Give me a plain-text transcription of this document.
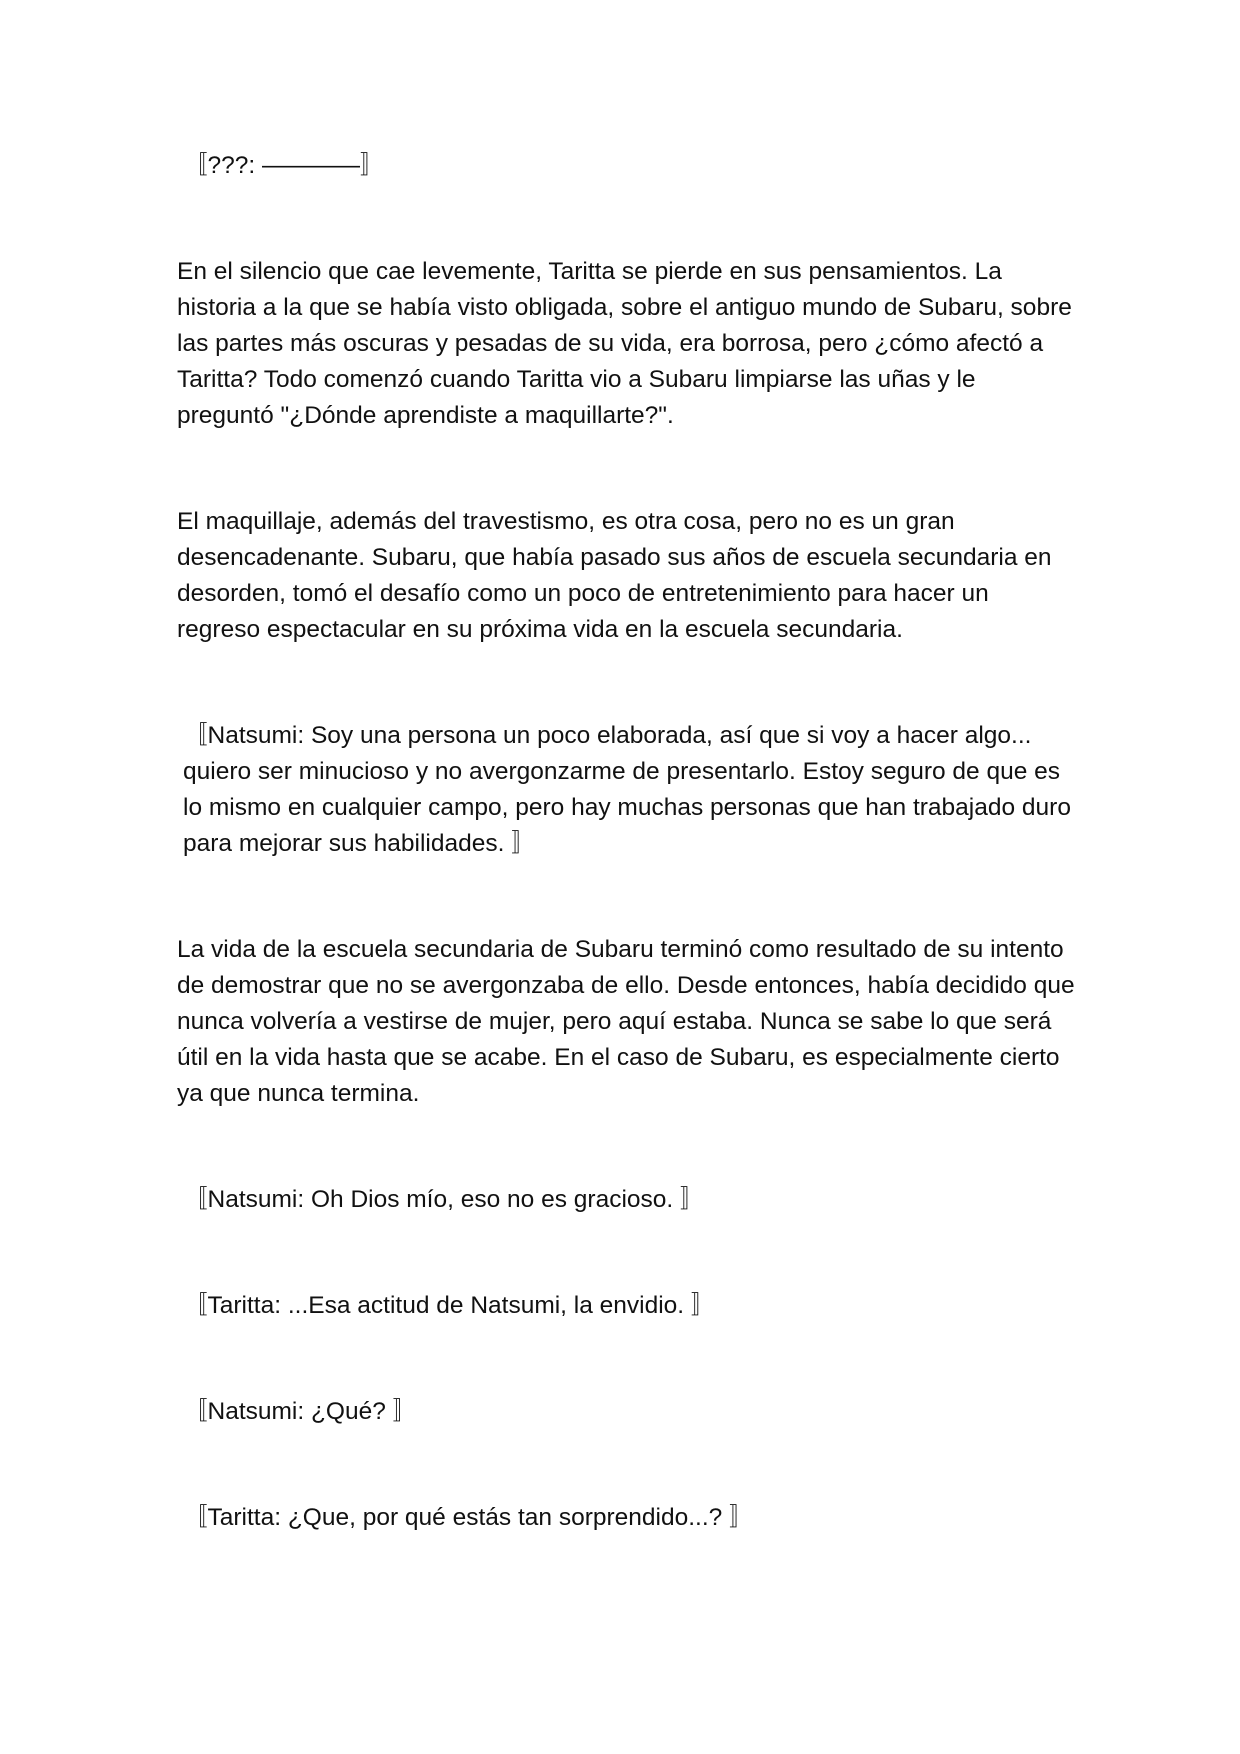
〚???: ————〛

En el silencio que cae levemente, Taritta se pierde en sus pensamientos. La historia a la que se había visto obligada, sobre el antiguo mundo de Subaru, sobre las partes más oscuras y pesadas de su vida, era borrosa, pero ¿cómo afectó a Taritta? Todo comenzó cuando Taritta vio a Subaru limpiarse las uñas y le preguntó "¿Dónde aprendiste a maquillarte?".

El maquillaje, además del travestismo, es otra cosa, pero no es un gran desencadenante. Subaru, que había pasado sus años de escuela secundaria en desorden, tomó el desafío como un poco de entretenimiento para hacer un regreso espectacular en su próxima vida en la escuela secundaria.

〚Natsumi: Soy una persona un poco elaborada, así que si voy a hacer algo... quiero ser minucioso y no avergonzarme de presentarlo. Estoy seguro de que es lo mismo en cualquier campo, pero hay muchas personas que han trabajado duro para mejorar sus habilidades. 〛

La vida de la escuela secundaria de Subaru terminó como resultado de su intento de demostrar que no se avergonzaba de ello. Desde entonces, había decidido que nunca volvería a vestirse de mujer, pero aquí estaba. Nunca se sabe lo que será útil en la vida hasta que se acabe. En el caso de Subaru, es especialmente cierto ya que nunca termina.

〚Natsumi: Oh Dios mío, eso no es gracioso. 〛

〚Taritta: ...Esa actitud de Natsumi, la envidio. 〛

〚Natsumi: ¿Qué? 〛

〚Taritta: ¿Que, por qué estás tan sorprendido...? 〛
